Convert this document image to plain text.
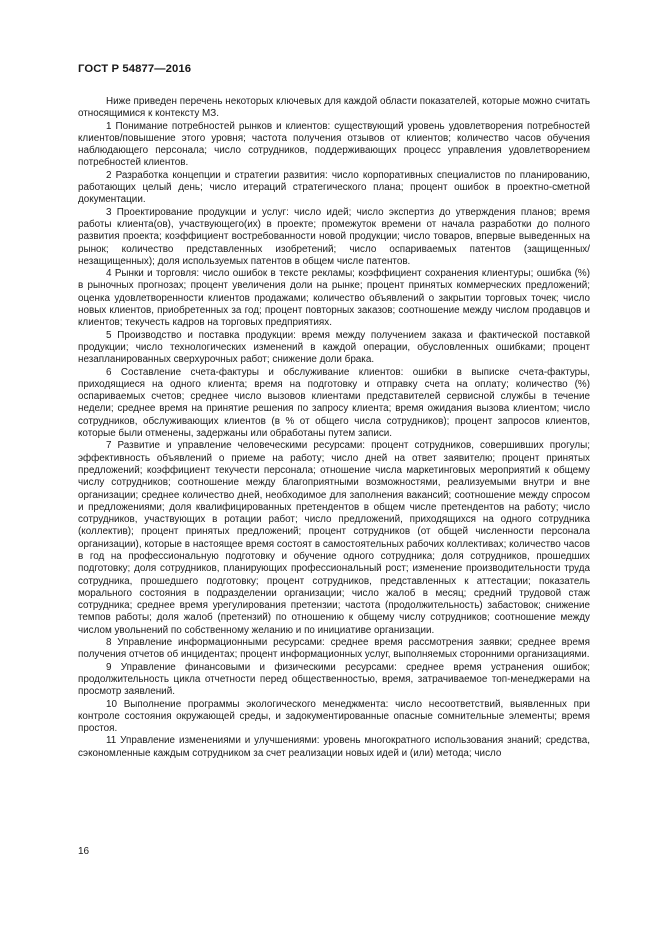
ГОСТ Р 54877—2016

Ниже приведен перечень некоторых ключевых для каждой области показателей, которые можно считать относящимися к контексту МЗ.

1 Понимание потребностей рынков и клиентов: существующий уровень удовлетворения потребностей клиентов/повышение этого уровня; частота получения отзывов от клиентов; количество часов обучения наблюдающего персонала; число сотрудников, поддерживающих процесс управления удовлетворением потребностей клиентов.

2 Разработка концепции и стратегии развития: число корпоративных специалистов по планированию, работающих целый день; число итераций стратегического плана; процент ошибок в проектно-сметной документации.

3 Проектирование продукции и услуг: число идей; число экспертиз до утверждения планов; время работы клиента(ов), участвующего(их) в проекте; промежуток времени от начала разработки до полного развития проекта; коэффициент востребованности новой продукции; число товаров, впервые выведенных на рынок; количество представленных изобретений; число оспариваемых патентов (защищенных/незащищенных); доля используемых патентов в общем числе патентов.

4 Рынки и торговля: число ошибок в тексте рекламы; коэффициент сохранения клиентуры; ошибка (%) в рыночных прогнозах; процент увеличения доли на рынке; процент принятых коммерческих предложений; оценка удовлетворенности клиентов продажами; количество объявлений о закрытии торговых точек; число новых клиентов, приобретенных за год; процент повторных заказов; соотношение между числом продавцов и клиентов; текучесть кадров на торговых предприятиях.

5 Производство и поставка продукции: время между получением заказа и фактической поставкой продукции; число технологических изменений в каждой операции, обусловленных ошибками; процент незапланированных сверхурочных работ; снижение доли брака.

6 Составление счета-фактуры и обслуживание клиентов: ошибки в выписке счета-фактуры, приходящиеся на одного клиента; время на подготовку и отправку счета на оплату; количество (%) оспариваемых счетов; среднее число вызовов клиентами представителей сервисной службы в течение недели; среднее время на принятие решения по запросу клиента; время ожидания вызова клиентом; число сотрудников, обслуживающих клиентов (в % от общего числа сотрудников); процент запросов клиентов, которые были отменены, задержаны или обработаны путем записи.

7 Развитие и управление человеческими ресурсами: процент сотрудников, совершивших прогулы; эффективность объявлений о приеме на работу; число дней на ответ заявителю; процент принятых предложений; коэффициент текучести персонала; отношение числа маркетинговых мероприятий к общему числу сотрудников; соотношение между благоприятными возможностями, реализуемыми внутри и вне организации; среднее количество дней, необходимое для заполнения вакансий; соотношение между спросом и предложениями; доля квалифицированных претендентов в общем числе претендентов на работу; число сотрудников, участвующих в ротации работ; число предложений, приходящихся на одного сотрудника (коллектив); процент принятых предложений; процент сотрудников (от общей численности персонала организации), которые в настоящее время состоят в самостоятельных рабочих коллективах; количество часов в год на профессиональную подготовку и обучение одного сотрудника; доля сотрудников, прошедших подготовку; доля сотрудников, планирующих профессиональный рост; изменение производительности труда сотрудника, прошедшего подготовку; процент сотрудников, представленных к аттестации; показатель морального состояния в подразделении организации; число жалоб в месяц; средний трудовой стаж сотрудника; среднее время урегулирования претензии; частота (продолжительность) забастовок; снижение темпов работы; доля жалоб (претензий) по отношению к общему числу сотрудников; соотношение между числом увольнений по собственному желанию и по инициативе организации.

8 Управление информационными ресурсами: среднее время рассмотрения заявки; среднее время получения отчетов об инцидентах; процент информационных услуг, выполняемых сторонними организациями.

9 Управление финансовыми и физическими ресурсами: среднее время устранения ошибок; продолжительность цикла отчетности перед общественностью, время, затрачиваемое топ-менеджерами на просмотр заявлений.

10 Выполнение программы экологического менеджмента: число несоответствий, выявленных при контроле состояния окружающей среды, и задокументированные опасные сомнительные элементы; время простоя.

11 Управление изменениями и улучшениями: уровень многократного использования знаний; средства, сэкономленные каждым сотрудником за счет реализации новых идей и (или) метода; число

16
